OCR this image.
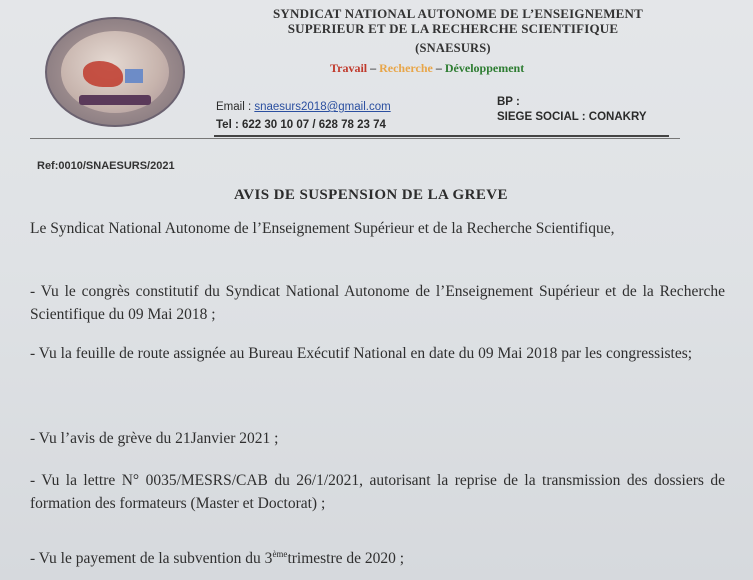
SYNDICAT NATIONAL AUTONOME DE L’ENSEIGNEMENT
SUPERIEUR ET DE LA RECHERCHE SCIENTIFIQUE
(SNAESURS)
Travail – Recherche – Développement
Email : snaesurs2018@gmail.com
Tel : 622 30 10 07 / 628 78 23 74
BP :
SIEGE SOCIAL : CONAKRY
Ref:0010/SNAESURS/2021
AVIS DE SUSPENSION DE LA GREVE
Le Syndicat National Autonome de l’Enseignement Supérieur et de la Recherche Scientifique,
- Vu le congrès constitutif du Syndicat National Autonome de l’Enseignement Supérieur et de la Recherche Scientifique du 09 Mai 2018 ;
- Vu la feuille de route assignée au Bureau Exécutif National en date du 09 Mai 2018 par les congressistes;
- Vu l’avis de grève du 21Janvier 2021 ;
- Vu la lettre N° 0035/MESRS/CAB du 26/1/2021, autorisant la reprise de la transmission des dossiers de formation des formateurs (Master et Doctorat) ;
- Vu le payement de la subvention du 3èmetrimestre de 2020 ;
